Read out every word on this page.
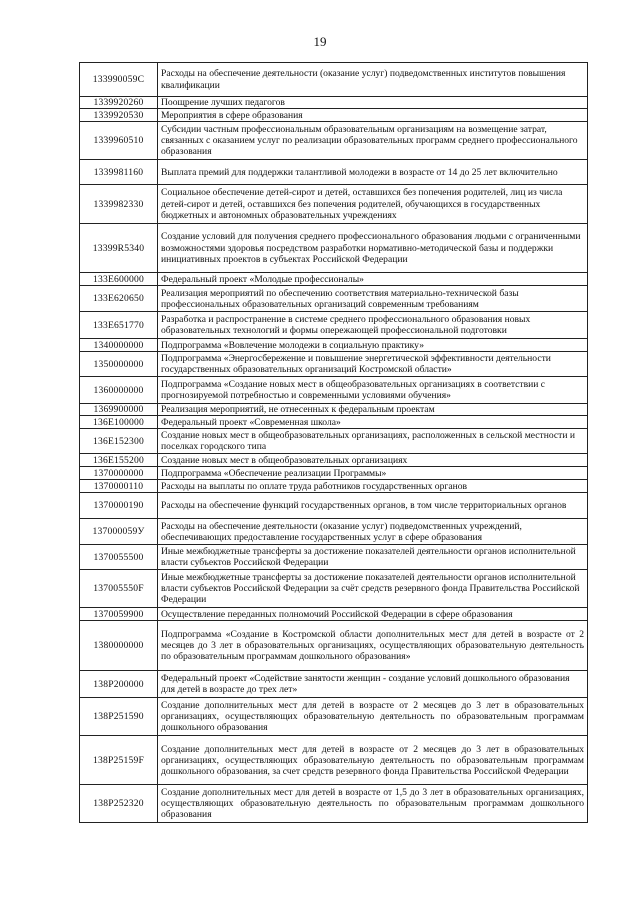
19
133990059C	Расходы на обеспечение деятельности (оказание услуг) подведомственных институтов повышения квалификации
1339920260	Поощрение лучших педагогов
1339920530	Мероприятия в сфере образования
1339960510	Субсидии частным профессиональным образовательным организациям на возмещение затрат, связанных с оказанием услуг по реализации образовательных программ среднего профессионального образования
1339981160	Выплата премий для поддержки талантливой молодежи в возрасте от 14 до 25 лет включительно
1339982330	Социальное обеспечение детей-сирот и детей, оставшихся без попечения родителей, лиц из числа детей-сирот и детей, оставшихся без попечения родителей, обучающихся в государственных бюджетных и автономных образовательных учреждениях
13399R5340	Создание условий для получения среднего профессионального образования людьми с ограниченными возможностями здоровья посредством разработки нормативно-методической базы и поддержки инициативных проектов в субъектах Российской Федерации
133E600000	Федеральный проект «Молодые профессионалы»
133E620650	Реализация мероприятий по обеспечению соответствия материально-технической базы профессиональных образовательных организаций современным требованиям
133E651770	Разработка и распространение в системе среднего профессионального образования новых образовательных технологий и формы опережающей профессиональной подготовки
1340000000	Подпрограмма «Вовлечение молодежи в социальную практику»
1350000000	Подпрограмма «Энергосбережение и повышение энергетической эффективности деятельности государственных образовательных организаций Костромской области»
1360000000	Подпрограмма «Создание новых мест в общеобразовательных организациях в соответствии с прогнозируемой потребностью и современными условиями обучения»
1369900000	Реализация мероприятий, не отнесенных к федеральным проектам
136E100000	Федеральный проект «Современная школа»
136E152300	Создание новых мест в общеобразовательных организациях, расположенных в сельской местности и поселках городского типа
136E155200	Создание новых мест в общеобразовательных организациях
1370000000	Подпрограмма «Обеспечение реализации Программы»
1370000110	Расходы на выплаты по оплате труда работников государственных органов
1370000190	Расходы на обеспечение функций государственных органов, в том числе территориальных органов
137000059У	Расходы на обеспечение деятельности (оказание услуг) подведомственных учреждений, обеспечивающих предоставление государственных услуг в сфере образования
1370055500	Иные межбюджетные трансферты за достижение показателей деятельности органов исполнительной власти субъектов Российской Федерации
137005550F	Иные межбюджетные трансферты за достижение показателей деятельности органов исполнительной власти субъектов Российской Федерации за счёт средств резервного фонда Правительства Российской Федерации
1370059900	Осуществление переданных полномочий Российской Федерации в сфере образования
1380000000	Подпрограмма «Создание в Костромской области дополнительных мест для детей в возрасте от 2 месяцев до 3 лет в образовательных организациях, осуществляющих образовательную деятельность по образовательным программам дошкольного образования»
138P200000	Федеральный проект «Содействие занятости женщин - создание условий дошкольного образования для детей в возрасте до трех лет»
138P251590	Создание дополнительных мест для детей в возрасте от 2 месяцев до 3 лет в образовательных организациях, осуществляющих образовательную деятельность по образовательным программам дошкольного образования
138P25159F	Создание дополнительных мест для детей в возрасте от 2 месяцев до 3 лет в образовательных организациях, осуществляющих образовательную деятельность по образовательным программам дошкольного образования, за счет средств резервного фонда Правительства Российской Федерации
138P252320	Создание дополнительных мест для детей в возрасте от 1,5 до 3 лет в образовательных организациях, осуществляющих образовательную деятельность по образовательным программам дошкольного образования
